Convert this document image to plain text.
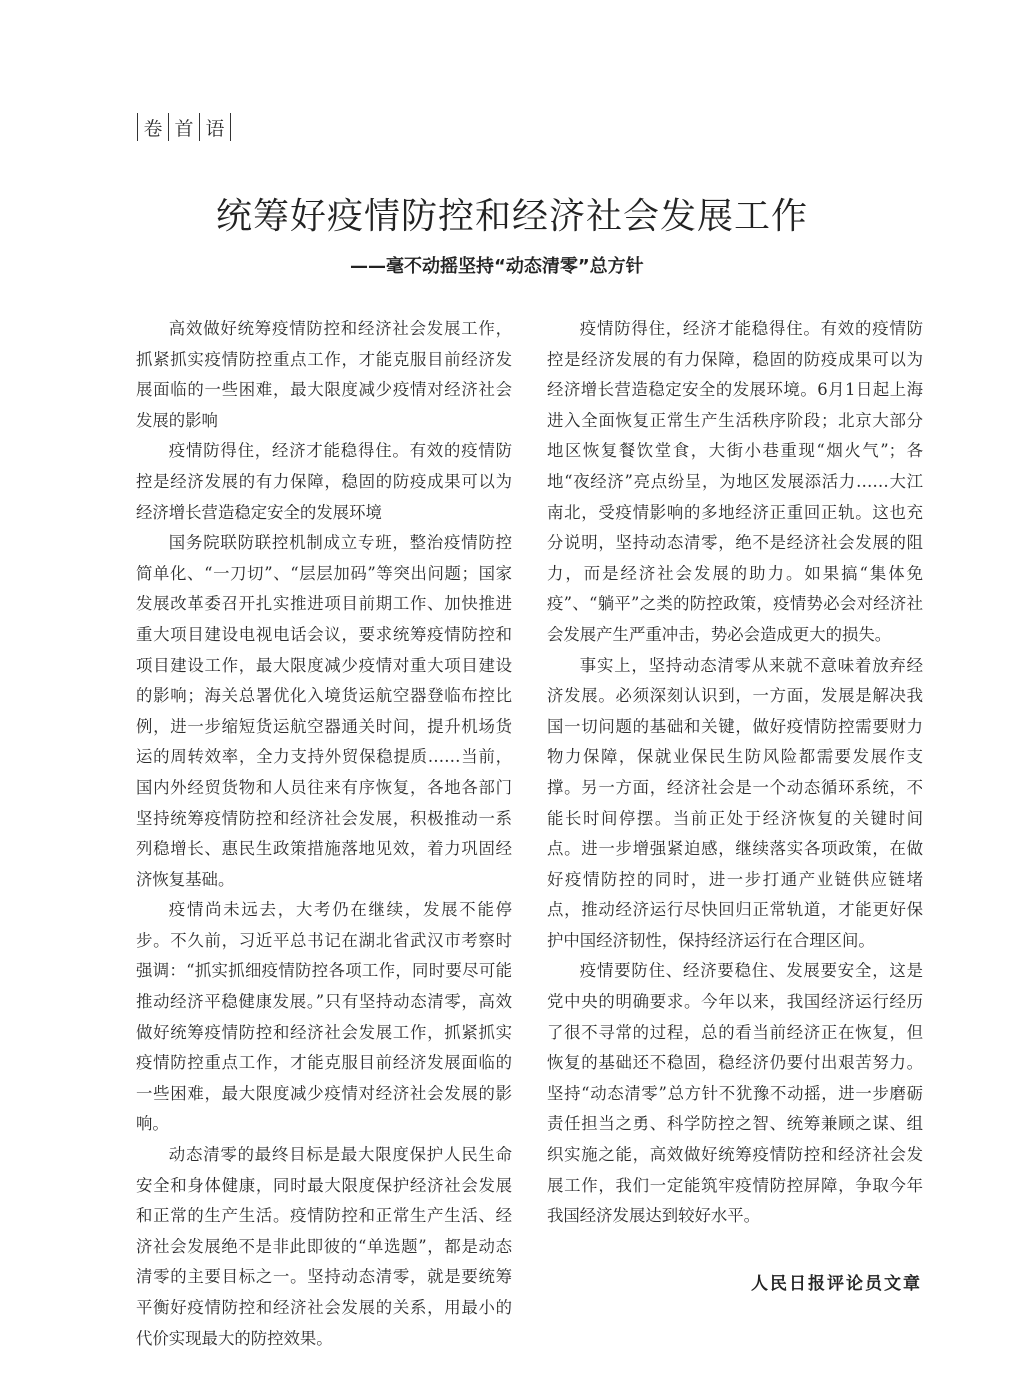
卷 首 语
统筹好疫情防控和经济社会发展工作
——毫不动摇坚持“动态清零”总方针

高效做好统筹疫情防控和经济社会发展工作，抓紧抓实疫情防控重点工作，才能克服目前经济发展面临的一些困难，最大限度减少疫情对经济社会发展的影响

疫情防得住，经济才能稳得住。有效的疫情防控是经济发展的有力保障，稳固的防疫成果可以为经济增长营造稳定安全的发展环境

国务院联防联控机制成立专班，整治疫情防控简单化、“一刀切”、“层层加码”等突出问题；国家发展改革委召开扎实推进项目前期工作、加快推进重大项目建设电视电话会议，要求统筹疫情防控和项目建设工作，最大限度减少疫情对重大项目建设的影响；海关总署优化入境货运航空器登临布控比例，进一步缩短货运航空器通关时间，提升机场货运的周转效率，全力支持外贸保稳提质……当前，国内外经贸货物和人员往来有序恢复，各地各部门坚持统筹疫情防控和经济社会发展，积极推动一系列稳增长、惠民生政策措施落地见效，着力巩固经济恢复基础。

疫情尚未远去，大考仍在继续，发展不能停步。不久前，习近平总书记在湖北省武汉市考察时强调：“抓实抓细疫情防控各项工作，同时要尽可能推动经济平稳健康发展。”只有坚持动态清零，高效做好统筹疫情防控和经济社会发展工作，抓紧抓实疫情防控重点工作，才能克服目前经济发展面临的一些困难，最大限度减少疫情对经济社会发展的影响。

动态清零的最终目标是最大限度保护人民生命安全和身体健康，同时最大限度保护经济社会发展和正常的生产生活。疫情防控和正常生产生活、经济社会发展绝不是非此即彼的“单选题”，都是动态清零的主要目标之一。坚持动态清零，就是要统筹平衡好疫情防控和经济社会发展的关系，用最小的代价实现最大的防控效果。

疫情防得住，经济才能稳得住。有效的疫情防控是经济发展的有力保障，稳固的防疫成果可以为经济增长营造稳定安全的发展环境。6月1日起上海进入全面恢复正常生产生活秩序阶段；北京大部分地区恢复餐饮堂食，大街小巷重现“烟火气”；各地“夜经济”亮点纷呈，为地区发展添活力……大江南北，受疫情影响的多地经济正重回正轨。这也充分说明，坚持动态清零，绝不是经济社会发展的阻力，而是经济社会发展的助力。如果搞“集体免疫”、“躺平”之类的防控政策，疫情势必会对经济社会发展产生严重冲击，势必会造成更大的损失。

事实上，坚持动态清零从来就不意味着放弃经济发展。必须深刻认识到，一方面，发展是解决我国一切问题的基础和关键，做好疫情防控需要财力物力保障，保就业保民生防风险都需要发展作支撑。另一方面，经济社会是一个动态循环系统，不能长时间停摆。当前正处于经济恢复的关键时间点。进一步增强紧迫感，继续落实各项政策，在做好疫情防控的同时，进一步打通产业链供应链堵点，推动经济运行尽快回归正常轨道，才能更好保护中国经济韧性，保持经济运行在合理区间。

疫情要防住、经济要稳住、发展要安全，这是党中央的明确要求。今年以来，我国经济运行经历了很不寻常的过程，总的看当前经济正在恢复，但恢复的基础还不稳固，稳经济仍要付出艰苦努力。坚持“动态清零”总方针不犹豫不动摇，进一步磨砺责任担当之勇、科学防控之智、统筹兼顾之谋、组织实施之能，高效做好统筹疫情防控和经济社会发展工作，我们一定能筑牢疫情防控屏障，争取今年我国经济发展达到较好水平。

人民日报评论员文章
